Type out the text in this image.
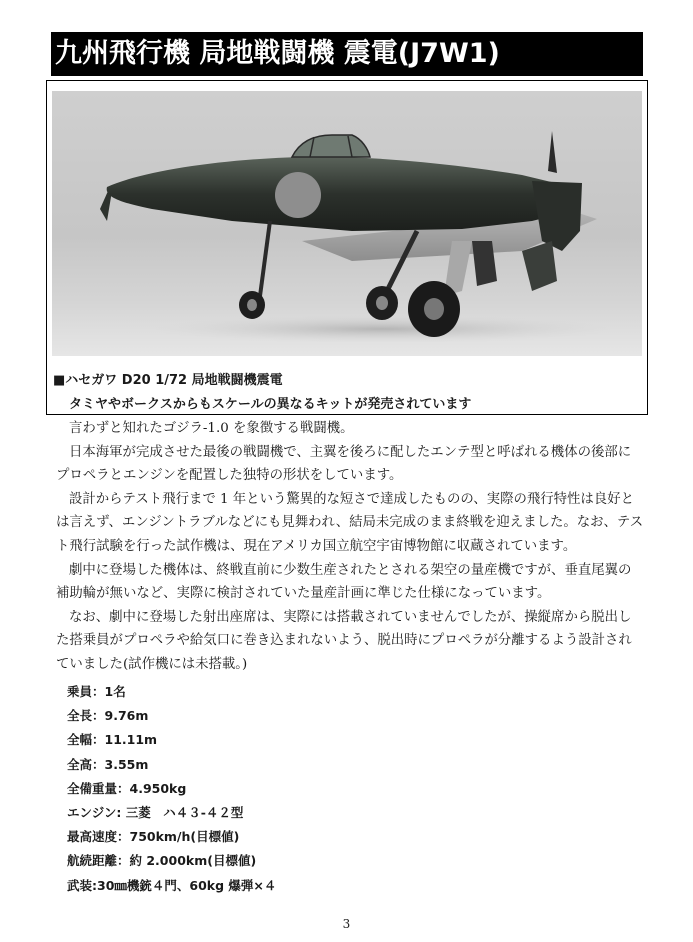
九州飛行機 局地戦闘機 震電(J7W1)
■ハセガワ D20 1/72 局地戦闘機震電
タミヤやボークスからもスケールの異なるキットが発売されています

言わずと知れたゴジラ-1.0 を象徴する戦闘機。

日本海軍が完成させた最後の戦闘機で、主翼を後ろに配したエンテ型と呼ばれる機体の後部にプロペラとエンジンを配置した独特の形状をしています。

設計からテスト飛行まで 1 年という驚異的な短さで達成したものの、実際の飛行特性は良好とは言えず、エンジントラブルなどにも見舞われ、結局未完成のまま終戦を迎えました。なお、テスト飛行試験を行った試作機は、現在アメリカ国立航空宇宙博物館に収蔵されています。

劇中に登場した機体は、終戦直前に少数生産されたとされる架空の量産機ですが、垂直尾翼の補助輪が無いなど、実際に検討されていた量産計画に準じた仕様になっています。

なお、劇中に登場した射出座席は、実際には搭載されていませんでしたが、操縦席から脱出した搭乗員がプロペラや給気口に巻き込まれないよう、脱出時にプロペラが分離するよう設計されていました(試作機には未搭載。)

乗員：1名
全長：9.76m
全幅：11.11m
全高：3.55m
全備重量：4.950kg
エンジン: 三菱　ハ４３-４２型
最高速度：750km/h(目標値)
航続距離：約 2.000km(目標値)
武装:30㎜機銃４門、60kg 爆弾×４
3
